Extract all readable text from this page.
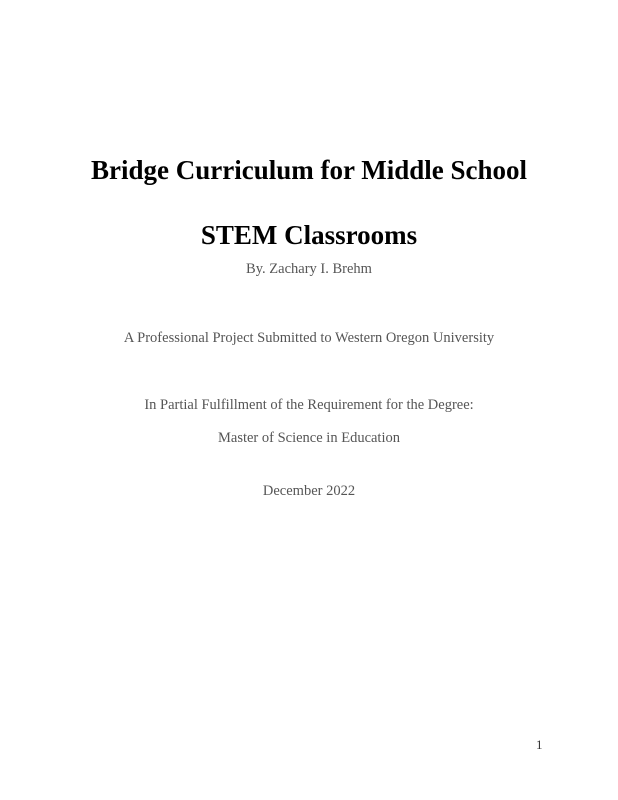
Bridge Curriculum for Middle School
STEM Classrooms
By. Zachary I. Brehm
A Professional Project Submitted to Western Oregon University
In Partial Fulfillment of the Requirement for the Degree:
Master of Science in Education
December 2022
1
